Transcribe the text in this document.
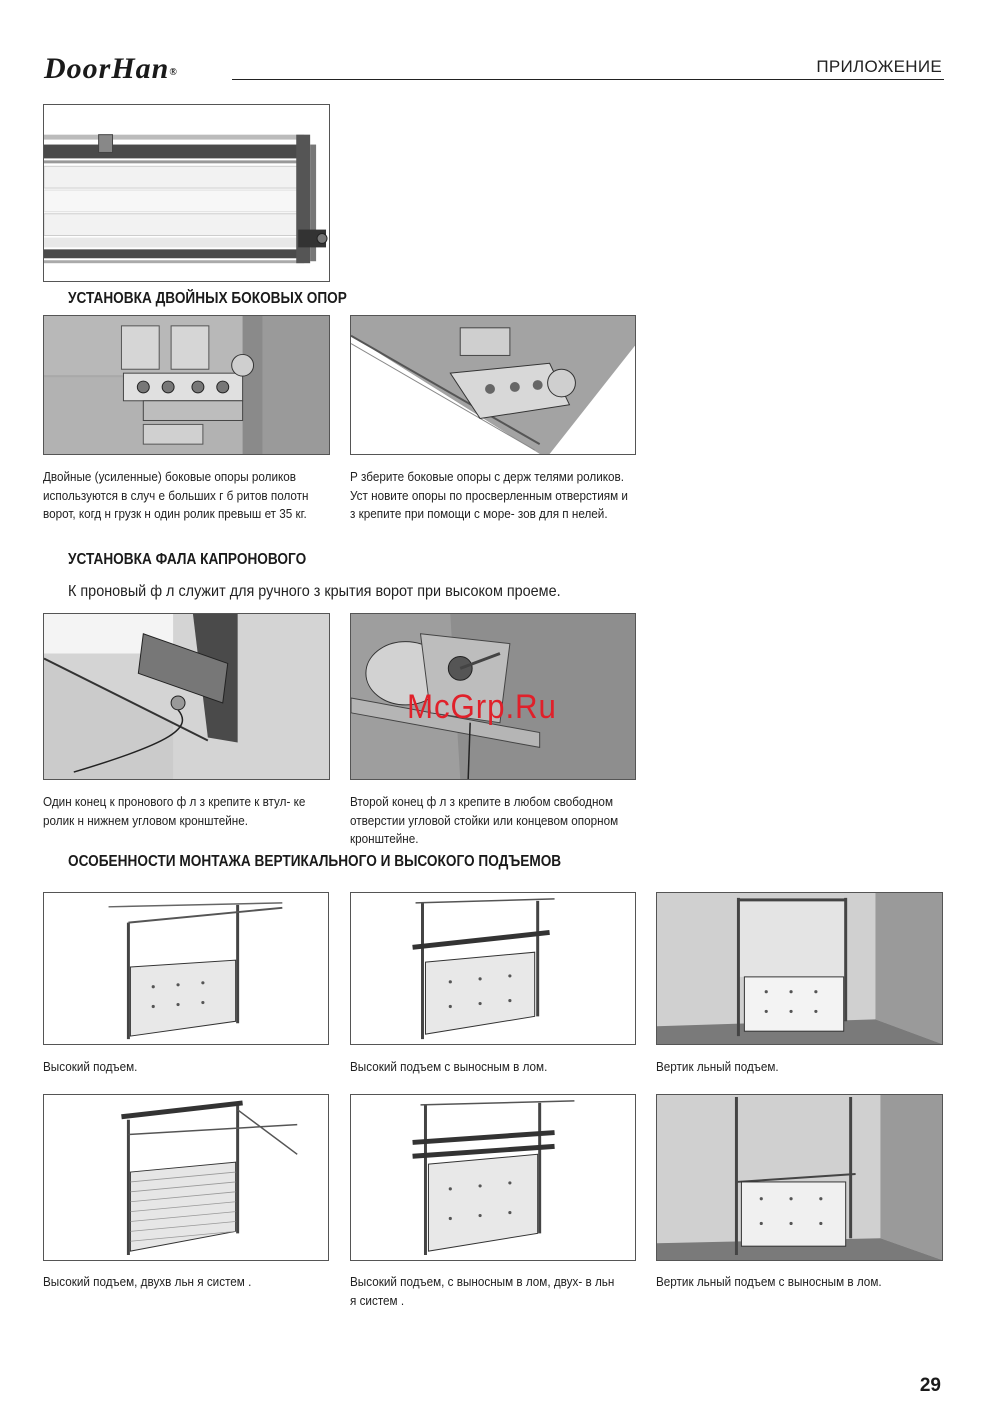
DoorHan®	ПРИЛОЖЕНИЕ
УСТАНОВКА ДВОЙНЫХ БОКОВЫХ ОПОР
Двойные (усиленные) боковые опоры роликов используются в случ е больших г б ритов полотн ворот, когд н грузк н один ролик превыш ет 35 кг.
Р зберите боковые опоры с держ телями роликов. Уст новите опоры по просверленным отверстиям и з крепите при помощи с море- зов для п нелей.
УСТАНОВКА ФАЛА КАПРОНОВОГО
К проновый ф л служит для ручного з крытия ворот при высоком проеме.
McGrp.Ru
Один конец к пронового ф л з крепите к втул- ке ролик н нижнем угловом кронштейне.
Второй конец ф л з крепите в любом свободном отверстии угловой стойки или концевом опорном кронштейне.
ОСОБЕННОСТИ МОНТАЖА ВЕРТИКАЛЬНОГО И ВЫСОКОГО ПОДЪЕМОВ
Высокий подъем.	Высокий подъем с выносным в лом.	Вертик льный подъем.
Высокий подъем, двухв льн я систем .	Высокий подъем, с выносным в лом, двух- в льн я систем .
Вертик льный подъем с выносным в лом.
29
